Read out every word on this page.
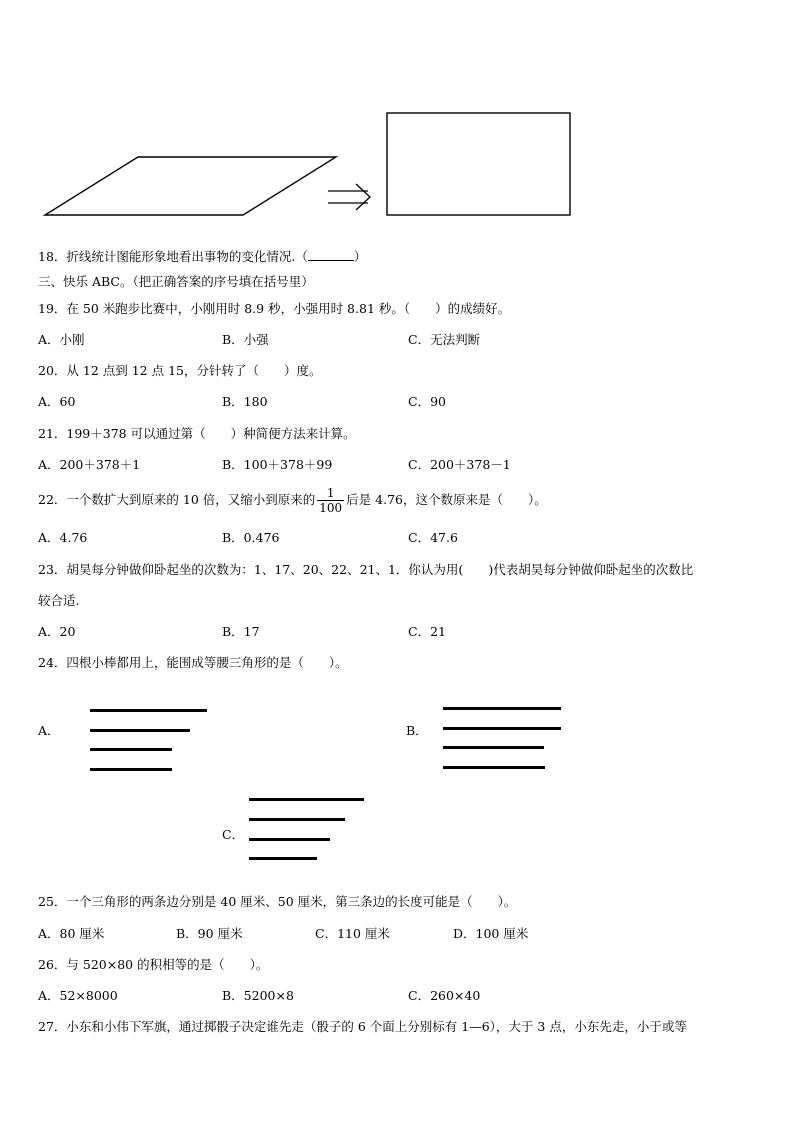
18．折线统计图能形象地看出事物的变化情况.（	）
三、快乐 ABC。（把正确答案的序号填在括号里）
19．在 50 米跑步比赛中，小刚用时 8.9 秒，小强用时 8.81 秒。（　　）的成绩好。
A．小刚	B．小强	C．无法判断
20．从 12 点到 12 点 15，分针转了（　　）度。
A．60	B．180	C．90
21．199＋378 可以通过第（　　）种简便方法来计算。
A．200＋378＋1	B．100＋378＋99	C．200＋378－1
22．一个数扩大到原来的 10 倍，又缩小到原来的 $\frac{1}{100}$ 后是 4.76，这个数原来是（　　）。
A．4.76	B．0.476	C．47.6
23．胡昊每分钟做仰卧起坐的次数为：1、17、20、22、21、1．你认为用(　　)代表胡昊每分钟做仰卧起坐的次数比
较合适.
A．20	B．17	C．21
24．四根小棒都用上，能围成等腰三角形的是（　　）。
A．	B．
C．
25．一个三角形的两条边分别是 40 厘米、50 厘米，第三条边的长度可能是（　　）。
A．80 厘米	B．90 厘米	C．110 厘米	D．100 厘米
26．与 520×80 的积相等的是（　　）。
A．52×8000	B．5200×8	C．260×40
27．小东和小伟下军旗，通过掷骰子决定谁先走（骰子的 6 个面上分别标有 1—6），大于 3 点，小东先走，小于或等
